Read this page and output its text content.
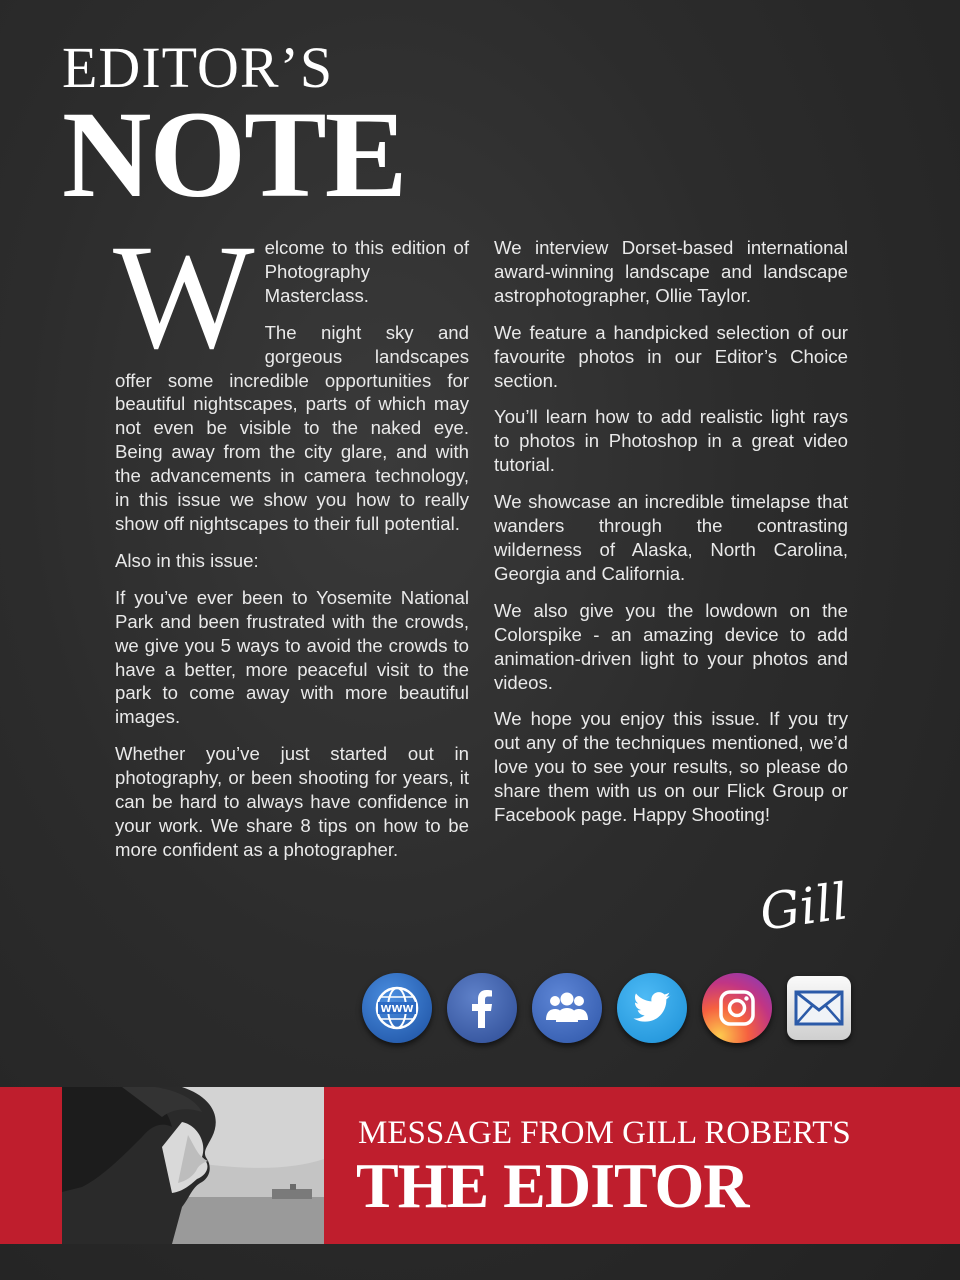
EDITOR’S
NOTE

Welcome to this edition of Photography Masterclass.

The night sky and gorgeous landscapes offer some incredible opportunities for beautiful nightscapes, parts of which may not even be visible to the naked eye. Being away from the city glare, and with the advancements in camera technology, in this issue we show you how to really show off nightscapes to their full potential.

Also in this issue:

If you’ve ever been to Yosemite National Park and been frustrated with the crowds, we give you 5 ways to avoid the crowds to have a better, more peaceful visit to the park to come away with more beautiful images.

Whether you’ve just started out in photography, or been shooting for years, it can be hard to always have confidence in your work. We share 8 tips on how to be more confident as a photographer.

We interview Dorset-based international award-winning landscape and landscape astrophotographer, Ollie Taylor.

We feature a handpicked selection of our favourite photos in our Editor’s Choice section.

You’ll learn how to add realistic light rays to photos in Photoshop in a great video tutorial.

We showcase an incredible timelapse that wanders through the contrasting wilderness of Alaska, North Carolina, Georgia and California.

We also give you the lowdown on the Colorspike - an amazing device to add animation-driven light to your photos and videos.

We hope you enjoy this issue. If you try out any of the techniques mentioned, we’d love you to see your results, so please do share them with us on our Flick Group or Facebook page. Happy Shooting!

Gill
WWW
MESSAGE FROM GILL ROBERTS
THE EDITOR
